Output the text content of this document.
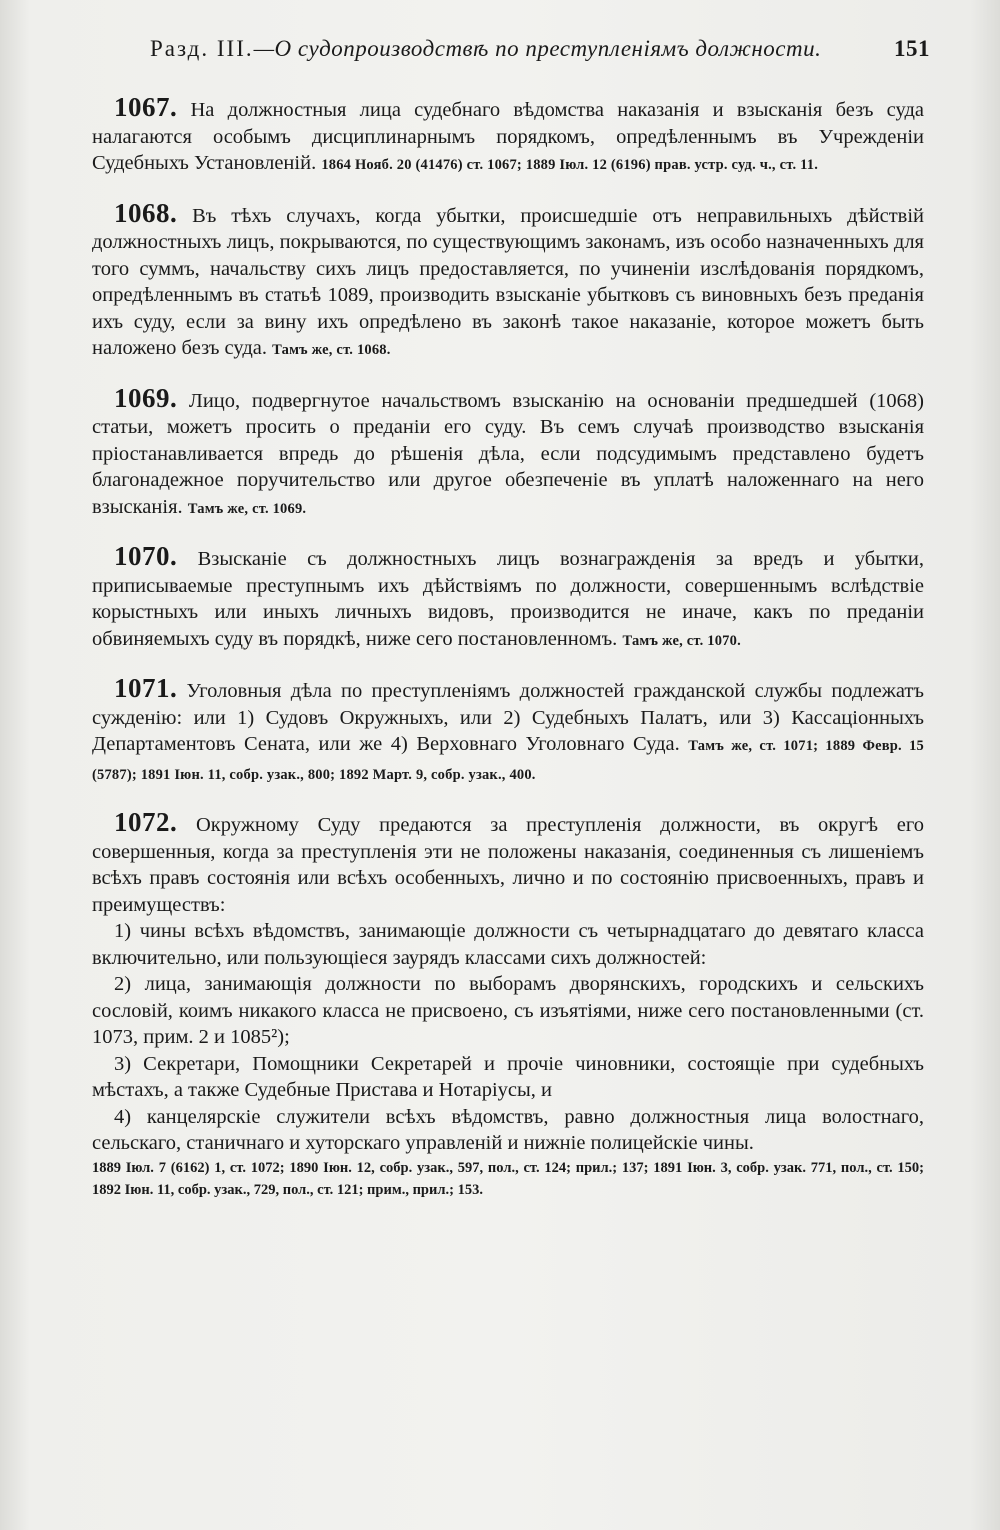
Разд. III.—О судопроизводствѣ по преступленіямъ должности.	151

1067. На должностныя лица судебнаго вѣдомства наказанія и взысканія безъ суда налагаются особымъ дисциплинарнымъ порядкомъ, опредѣленнымъ въ Учрежденіи Судебныхъ Установленій. 1864 Нояб. 20 (41476) ст. 1067; 1889 Іюл. 12 (6196) прав. устр. суд. ч., ст. 11.

1068. Въ тѣхъ случахъ, когда убытки, происшедшіе отъ неправильныхъ дѣйствій должностныхъ лицъ, покрываются, по существующимъ законамъ, изъ особо назначенныхъ для того суммъ, начальству сихъ лицъ предоставляется, по учиненіи изслѣдованія порядкомъ, опредѣленнымъ въ статьѣ 1089, производить взысканіе убытковъ съ виновныхъ безъ преданія ихъ суду, если за вину ихъ опредѣлено въ законѣ такое наказаніе, которое можетъ быть наложено безъ суда. Тамъ же, ст. 1068.

1069. Лицо, подвергнутое начальствомъ взысканію на основаніи предшедшей (1068) статьи, можетъ просить о преданіи его суду. Въ семъ случаѣ производство взысканія пріостанавливается впредь до рѣшенія дѣла, если подсудимымъ представлено будетъ благонадежное поручительство или другое обезпеченіе въ уплатѣ наложеннаго на него взысканія. Тамъ же, ст. 1069.

1070. Взысканіе съ должностныхъ лицъ вознагражденія за вредъ и убытки, приписываемые преступнымъ ихъ дѣйствіямъ по должности, совершеннымъ вслѣдствіе корыстныхъ или иныхъ личныхъ видовъ, производится не иначе, какъ по преданіи обвиняемыхъ суду въ порядкѣ, ниже сего постановленномъ. Тамъ же, ст. 1070.

1071. Уголовныя дѣла по преступленіямъ должностей гражданской службы подлежатъ сужденію: или 1) Судовъ Окружныхъ, или 2) Судебныхъ Палатъ, или 3) Кассаціонныхъ Департаментовъ Сената, или же 4) Верховнаго Уголовнаго Суда. Тамъ же, ст. 1071; 1889 Февр. 15 (5787); 1891 Іюн. 11, собр. узак., 800; 1892 Март. 9, собр. узак., 400.

1072. Окружному Суду предаются за преступленія должности, въ округѣ его совершенныя, когда за преступленія эти не положены наказанія, соединенныя съ лишеніемъ всѣхъ правъ состоянія или всѣхъ особенныхъ, лично и по состоянію присвоенныхъ, правъ и преимуществъ:

1) чины всѣхъ вѣдомствъ, занимающіе должности съ четырнадцатаго до девятаго класса включительно, или пользующіеся заурядъ классами сихъ должностей:

2) лица, занимающія должности по выборамъ дворянскихъ, городскихъ и сельскихъ сословій, коимъ никакого класса не присвоено, съ изъятіями, ниже сего постановленными (ст. 1073, прим. 2 и 1085²);

3) Секретари, Помощники Секретарей и прочіе чиновники, состоящіе при судебныхъ мѣстахъ, а также Судебные Пристава и Нотаріусы, и

4) канцелярскіе служители всѣхъ вѣдомствъ, равно должностныя лица волостнаго, сельскаго, станичнаго и хуторскаго управленій и нижніе полицейскіе чины.

1889 Іюл. 7 (6162) 1, ст. 1072; 1890 Іюн. 12, собр. узак., 597, пол., ст. 124; прил.; 137; 1891 Іюн. 3, собр. узак. 771, пол., ст. 150; 1892 Іюн. 11, собр. узак., 729, пол., ст. 121; прим., прил.; 153.
